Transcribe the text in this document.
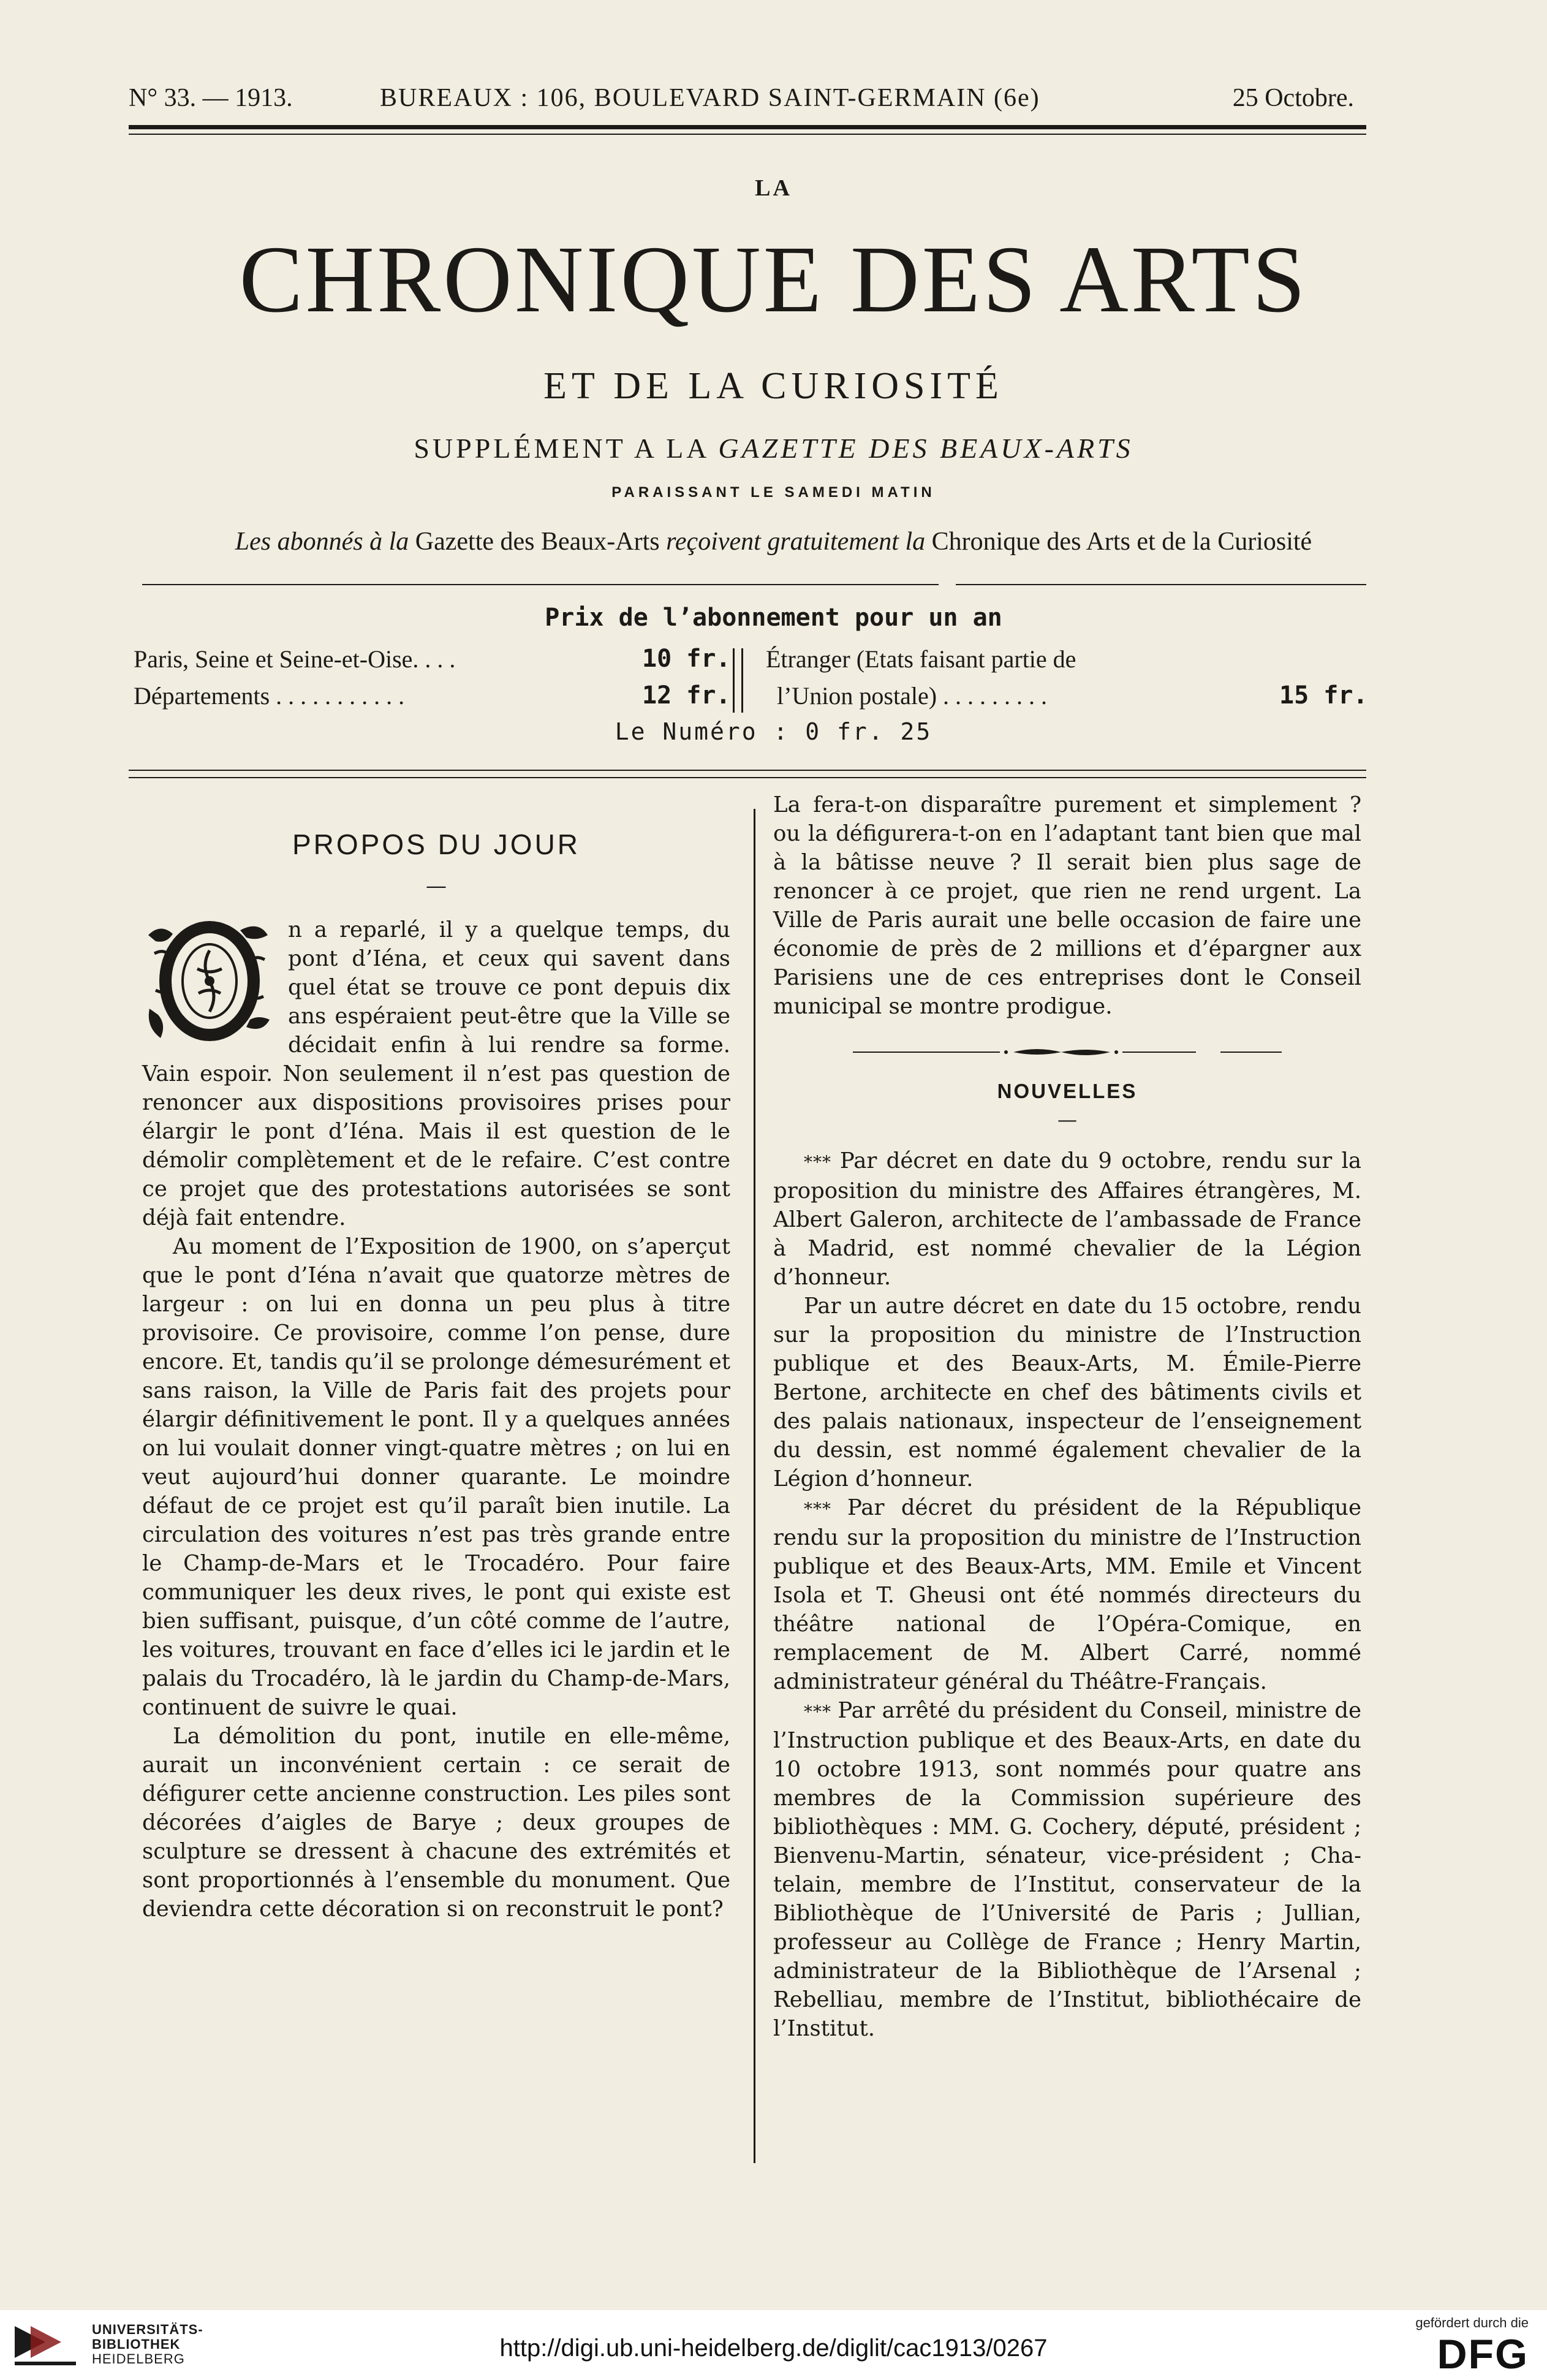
N° 33. — 1913.	BUREAUX : 106, BOULEVARD SAINT-GERMAIN (6e)	25 Octobre.
LA
CHRONIQUE DES ARTS
ET DE LA CURIOSITÉ
SUPPLÉMENT A LA GAZETTE DES BEAUX-ARTS
PARAISSANT LE SAMEDI MATIN
Les abonnés à la Gazette des Beaux-Arts reçoivent gratuitement la Chronique des Arts et de la Curiosité
Prix de l’abonnement pour un an
Paris, Seine et Seine-et-Oise. . . .	10 fr.
Départements . . . . . . . . . . .	12 fr.
Étranger (Etats faisant partie de
l’Union postale) . . . . . . . . .	15 fr.
Le Numéro : 0 fr. 25
PROPOS DU JOUR
—

n a reparlé, il y a quelque temps, du pont d’Iéna, et ceux qui savent dans quel état se trouve ce pont depuis dix ans espéraient peut-être que la Ville se décidait enfin à lui rendre sa forme. Vain espoir. Non seulement il n’est pas question de renoncer aux dispositions provisoires prises pour élargir le pont d’Iéna. Mais il est question de le démolir complètement et de le refaire. C’est contre ce projet que des protestations autorisées se sont déjà fait entendre.

Au moment de l’Exposition de 1900, on s’aperçut que le pont d’Iéna n’avait que quatorze mètres de largeur : on lui en donna un peu plus à titre provisoire. Ce provisoire, comme l’on pense, dure encore. Et, tandis qu’il se prolonge démesurément et sans raison, la Ville de Paris fait des projets pour élargir définitivement le pont. Il y a quelques années on lui voulait donner vingt-quatre mètres ; on lui en veut aujourd’hui donner quarante. Le moindre défaut de ce projet est qu’il paraît bien inutile. La circulation des voitures n’est pas très grande entre le Champ-de-Mars et le Trocadéro. Pour faire communiquer les deux rives, le pont qui existe est bien suffisant, puisque, d’un côté comme de l’autre, les voitures, trouvant en face d’elles ici le jardin et le palais du Trocadéro, là le jardin du Champ-de-Mars, continuent de suivre le quai.

La démolition du pont, inutile en elle-même, aurait un inconvénient certain : ce serait de défigurer cette ancienne construction. Les piles sont décorées d’aigles de Barye ; deux groupes de sculpture se dressent à chacune des extrémités et sont proportionnés à l’ensemble du monument. Que deviendra cette décoration si on reconstruit le pont?

La fera-t-on disparaître purement et simplement ? ou la défigurera-t-on en l’adaptant tant bien que mal à la bâtisse neuve ? Il serait bien plus sage de renoncer à ce projet, que rien ne rend urgent. La Ville de Paris aurait une belle occasion de faire une économie de près de 2 millions et d’épargner aux Parisiens une de ces entreprises dont le Conseil municipal se montre prodigue.

NOUVELLES
—

*** Par décret en date du 9 octobre, rendu sur la proposition du ministre des Affaires étrangères, M. Albert Galeron, architecte de l’ambassade de France à Madrid, est nommé chevalier de la Légion d’honneur.

Par un autre décret en date du 15 octobre, rendu sur la proposition du ministre de l’Instruction publique et des Beaux-Arts, M. Émile-Pierre Bertone, architecte en chef des bâtiments civils et des palais nationaux, inspecteur de l’enseignement du dessin, est nommé également chevalier de la Légion d’honneur.

*** Par décret du président de la République rendu sur la proposition du ministre de l’Instruction publique et des Beaux-Arts, MM. Emile et Vincent Isola et T. Gheusi ont été nommés directeurs du théâtre national de l’Opéra-Comique, en remplacement de M. Albert Carré, nommé administrateur général du Théâtre-Français.

*** Par arrêté du président du Conseil, ministre de l’Instruction publique et des Beaux-Arts, en date du 10 octobre 1913, sont nommés pour quatre ans membres de la Commission supérieure des bibliothèques : MM. G. Cochery, député, président ; Bienvenu-Martin, sénateur, vice-président ; Chatelain, membre de l’Institut, conservateur de la Bibliothèque de l’Université de Paris ; Jullian, professeur au Collège de France ; Henry Martin, administrateur de la Bibliothèque de l’Arsenal ; Rebelliau, membre de l’Institut, bibliothécaire de l’Institut.

UNIVERSITÄTS-
BIBLIOTHEK
HEIDELBERG	http://digi.ub.uni-heidelberg.de/diglit/cac1913/0267
gefördert durch die
DFG
